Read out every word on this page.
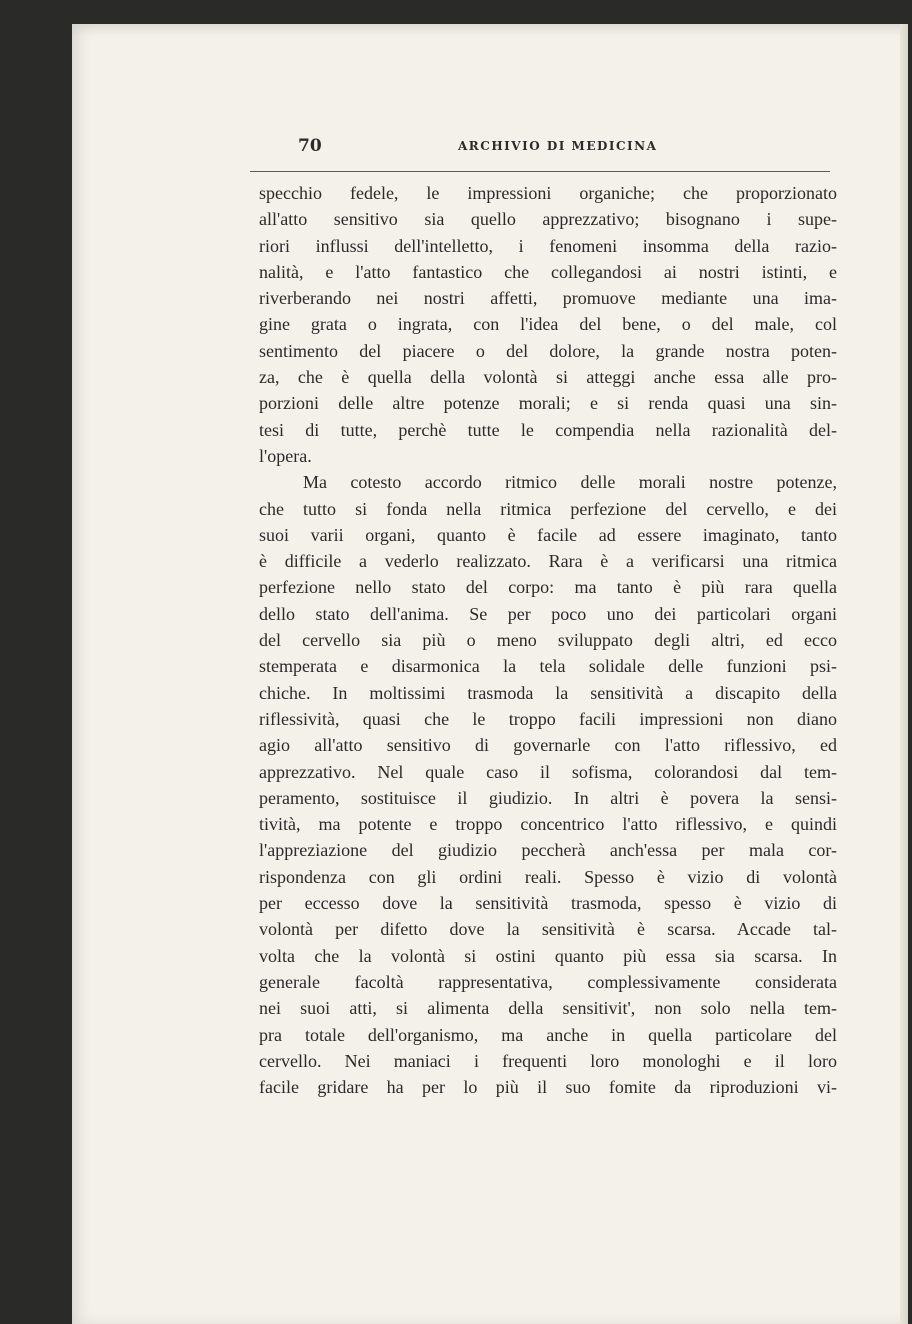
70	ARCHIVIO DI MEDICINA
specchio fedele, le impressioni organiche; che proporzionato
all'atto sensitivo sia quello apprezzativo; bisognano i supe-
riori influssi dell'intelletto, i fenomeni insomma della razio-
nalità, e l'atto fantastico che collegandosi ai nostri istinti, e
riverberando nei nostri affetti, promuove mediante una ima-
gine grata o ingrata, con l'idea del bene, o del male, col
sentimento del piacere o del dolore, la grande nostra poten-
za, che è quella della volontà si atteggi anche essa alle pro-
porzioni delle altre potenze morali; e si renda quasi una sin-
tesi di tutte, perchè tutte le compendia nella razionalità del-
l'opera.
Ma cotesto accordo ritmico delle morali nostre potenze,
che tutto si fonda nella ritmica perfezione del cervello, e dei
suoi varii organi, quanto è facile ad essere imaginato, tanto
è difficile a vederlo realizzato. Rara è a verificarsi una ritmica
perfezione nello stato del corpo: ma tanto è più rara quella
dello stato dell'anima. Se per poco uno dei particolari organi
del cervello sia più o meno sviluppato degli altri, ed ecco
stemperata e disarmonica la tela solidale delle funzioni psi-
chiche. In moltissimi trasmoda la sensitività a discapito della
riflessività, quasi che le troppo facili impressioni non diano
agio all'atto sensitivo di governarle con l'atto riflessivo, ed
apprezzativo. Nel quale caso il sofisma, colorandosi dal tem-
peramento, sostituisce il giudizio. In altri è povera la sensi-
tività, ma potente e troppo concentrico l'atto riflessivo, e quindi
l'appreziazione del giudizio peccherà anch'essa per mala cor-
rispondenza con gli ordini reali. Spesso è vizio di volontà
per eccesso dove la sensitività trasmoda, spesso è vizio di
volontà per difetto dove la sensitività è scarsa. Accade tal-
volta che la volontà si ostini quanto più essa sia scarsa. In
generale facoltà rappresentativa, complessivamente considerata
nei suoi atti, si alimenta della sensitivit', non solo nella tem-
pra totale dell'organismo, ma anche in quella particolare del
cervello. Nei maniaci i frequenti loro monologhi e il loro
facile gridare ha per lo più il suo fomite da riproduzioni vi-
